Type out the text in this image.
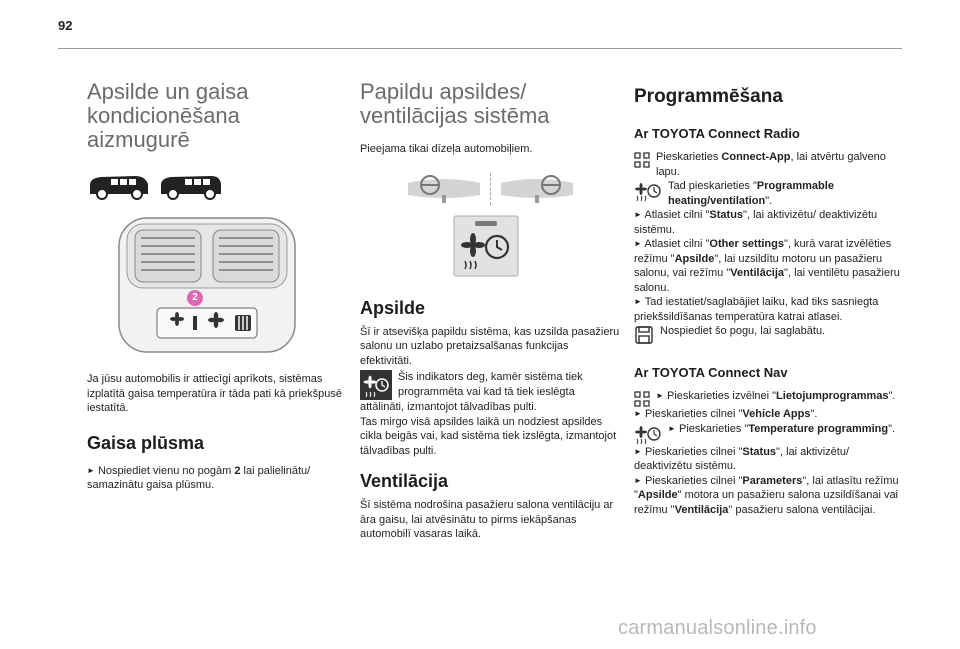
92
Apsilde un gaisa
kondicionēšana
aizmugurē
2

Ja jūsu automobilis ir attiecīgi aprīkots, sistēmas izplatītā gaisa temperatūra ir tāda pati kā priekšpusē iestatītā.

Gaisa plūsma

► Nospiediet vienu no pogām 2 lai palielinātu/ samazinātu gaisa plūsmu.

Papildu apsildes/
ventilācijas sistēma

Pieejama tikai dīzeļa automobiļiem.

Apsilde

Šī ir atsevišķa papildu sistēma, kas uzsilda pasažieru salonu un uzlabo pretaizsalšanas funkcijas efektivitāti.

Šis indikators deg, kamēr sistēma tiek programmēta vai kad tā tiek ieslēgta

attālināti, izmantojot tālvadības pulti.

Tas mirgo visā apsildes laikā un nodziest apsildes cikla beigās vai, kad sistēma tiek izslēgta, izmantojot tālvadības pulti.

Ventilācija

Šī sistēma nodrošina pasažieru salona ventilāciju ar āra gaisu, lai atvēsinātu to pirms iekāpšanas automobilī vasaras laikā.

Programmēšana
Ar TOYOTA Connect Radio

Pieskarieties Connect-App, lai atvērtu galveno lapu.

Tad pieskarieties "Programmable heating/ventilation".

► Atlasiet cilni "Status", lai aktivizētu/ deaktivizētu sistēmu.

► Atlasiet cilni "Other settings", kurā varat izvēlēties režīmu "Apsilde", lai uzsildītu motoru un pasažieru salonu, vai režīmu "Ventilācija", lai ventilētu pasažieru salonu.

► Tad iestatiet/saglabājiet laiku, kad tiks sasniegta priekšsildīšanas temperatūra katrai atlasei.

Nospiediet šo pogu, lai saglabātu.

Ar TOYOTA Connect Nav

► Pieskarieties izvēlnei "Lietojumprogrammas".

► Pieskarieties cilnei "Vehicle Apps".

► Pieskarieties "Temperature programming".

► Pieskarieties cilnei "Status", lai aktivizētu/ deaktivizētu sistēmu.

► Pieskarieties cilnei "Parameters", lai atlasītu režīmu "Apsilde" motora un pasažieru salona uzsildīšanai vai režīmu "Ventilācija" pasažieru salona ventilācijai.

carmanualsonline.info
